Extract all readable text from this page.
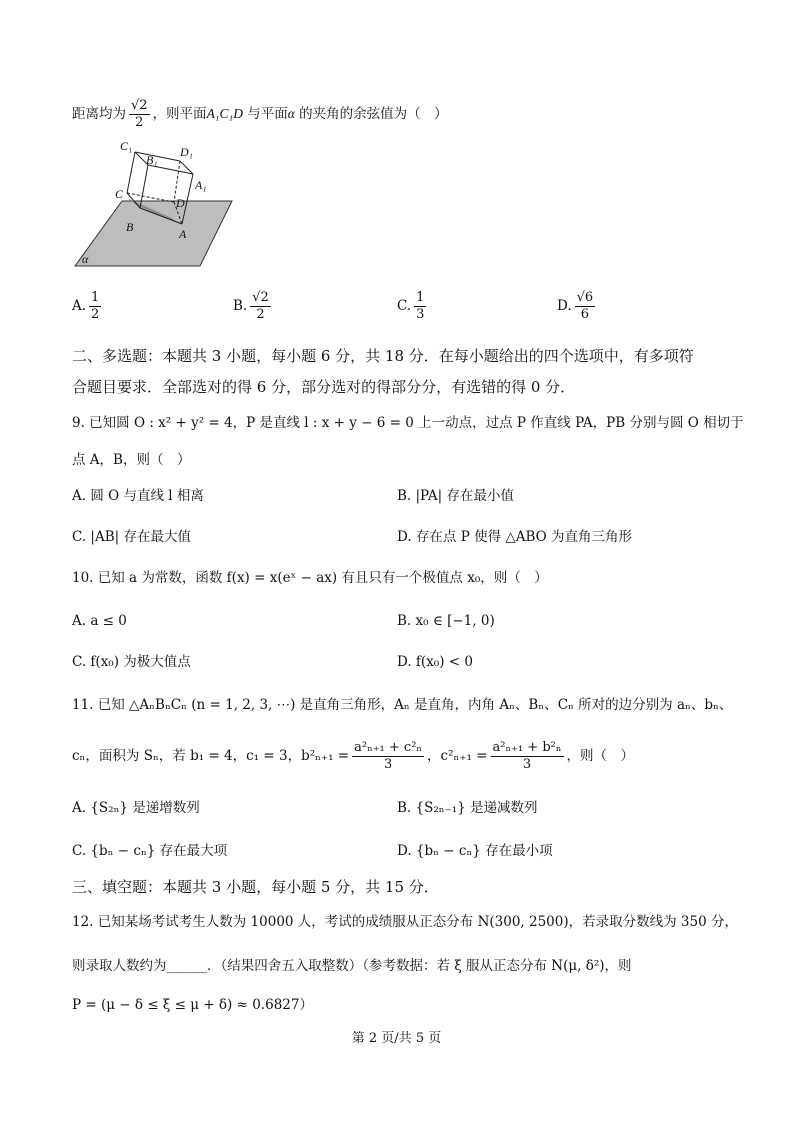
距离均为 $\frac{√2}{2}$ ，则平面A₁C₁D 与平面α 的夹角的余弦值为（　）
C₁
B₁
D₁
A₁
C
D
B	A
α
A. $\frac{1}{2}$	B. $\frac{√2}{2}$	C. $\frac{1}{3}$	D. $\frac{√6}{6}$
二、多选题：本题共 3 小题，每小题 6 分，共 18 分．在每小题给出的四个选项中，有多项符
合题目要求．全部选对的得 6 分，部分选对的得部分分，有选错的得 0 分．
9. 已知圆 O : x² + y² = 4，P 是直线 l : x + y − 6 = 0 上一动点，过点 P 作直线 PA，PB 分别与圆 O 相切于
点 A，B，则（　）
A. 圆 O 与直线 l 相离	B. |PA| 存在最小值
C. |AB| 存在最大值	D. 存在点 P 使得 △ABO 为直角三角形
10. 已知 a 为常数，函数 f(x) = x(eˣ − ax) 有且只有一个极值点 x₀，则（　）
A. a ≤ 0	B. x₀ ∈ [−1, 0)
C. f(x₀) 为极大值点	D. f(x₀) < 0
11. 已知 △AₙBₙCₙ (n = 1, 2, 3, ⋯) 是直角三角形，Aₙ 是直角，内角 Aₙ、Bₙ、Cₙ 所对的边分别为 aₙ、bₙ、
cₙ，面积为 Sₙ，若 b₁ = 4，c₁ = 3，$b^2_{n+1} = \frac{\text{a²ₙ₊₁ + c²ₙ}}{3}$ ，$c^2_{n+1} = \frac{\text{a²ₙ₊₁ + b²ₙ}}{3}$ ，则（　）
A. {S₂ₙ} 是递增数列	B. {S₂ₙ₋₁} 是递减数列
C. {bₙ − cₙ} 存在最大项	D. {bₙ − cₙ} 存在最小项
三、填空题：本题共 3 小题，每小题 5 分，共 15 分．
12. 已知某场考试考生人数为 10000 人，考试的成绩服从正态分布 N(300, 2500)，若录取分数线为 350 分，
则录取人数约为______．（结果四舍五入取整数）（参考数据：若 ξ 服从正态分布 N(μ, δ²)，则
P = (μ − δ ≤ ξ ≤ μ + δ) ≈ 0.6827）
第 2 页/共 5 页
